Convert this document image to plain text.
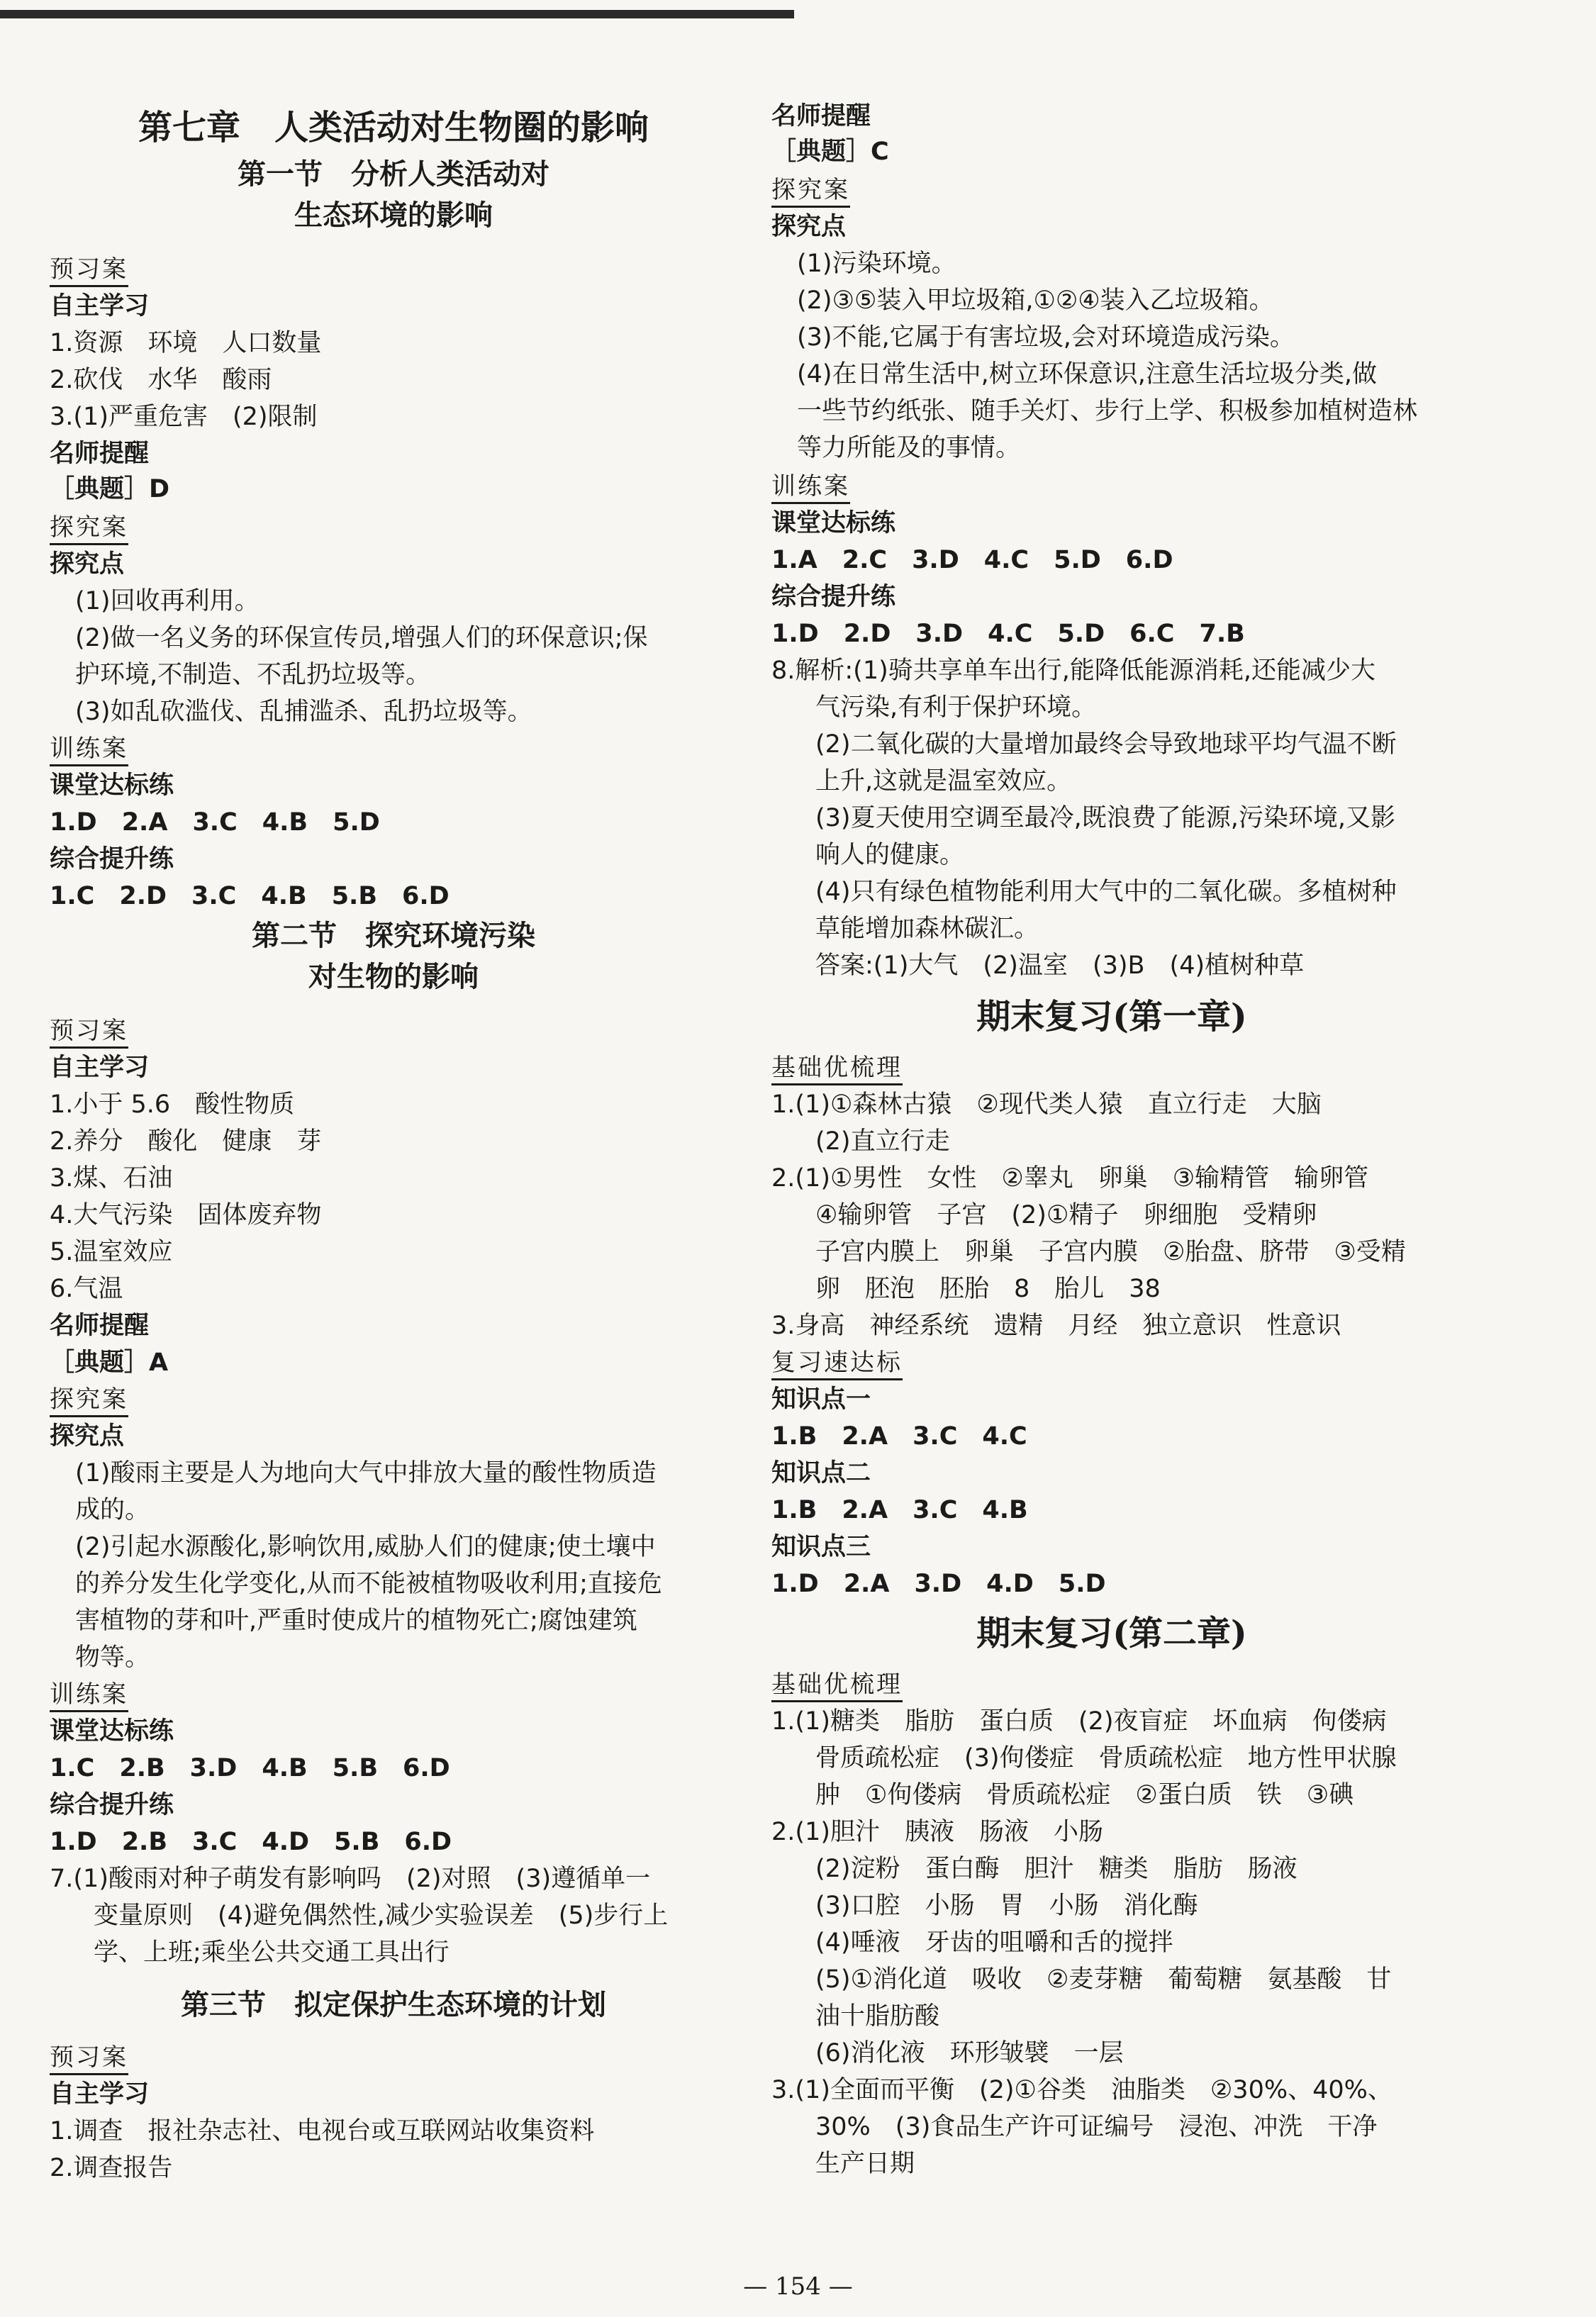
第七章　人类活动对生物圈的影响
第一节　分析人类活动对
生态环境的影响
预习案
自主学习
1.资源　环境　人口数量
2.砍伐　水华　酸雨
3.(1)严重危害　(2)限制
名师提醒
［典题］D
探究案
探究点
(1)回收再利用。
(2)做一名义务的环保宣传员,增强人们的环保意识;保
护环境,不制造、不乱扔垃圾等。
(3)如乱砍滥伐、乱捕滥杀、乱扔垃圾等。
训练案
课堂达标练
1.D　2.A　3.C　4.B　5.D
综合提升练
1.C　2.D　3.C　4.B　5.B　6.D
第二节　探究环境污染
对生物的影响
预习案
自主学习
1.小于 5.6　酸性物质
2.养分　酸化　健康　芽
3.煤、石油
4.大气污染　固体废弃物
5.温室效应
6.气温
名师提醒
［典题］A
探究案
探究点
(1)酸雨主要是人为地向大气中排放大量的酸性物质造
成的。
(2)引起水源酸化,影响饮用,威胁人们的健康;使土壤中
的养分发生化学变化,从而不能被植物吸收利用;直接危
害植物的芽和叶,严重时使成片的植物死亡;腐蚀建筑
物等。
训练案
课堂达标练
1.C　2.B　3.D　4.B　5.B　6.D
综合提升练
1.D　2.B　3.C　4.D　5.B　6.D
7.(1)酸雨对种子萌发有影响吗　(2)对照　(3)遵循单一
变量原则　(4)避免偶然性,减少实验误差　(5)步行上
学、上班;乘坐公共交通工具出行
第三节　拟定保护生态环境的计划
预习案
自主学习
1.调查　报社杂志社、电视台或互联网站收集资料
2.调查报告
名师提醒
［典题］C
探究案
探究点
(1)污染环境。
(2)③⑤装入甲垃圾箱,①②④装入乙垃圾箱。
(3)不能,它属于有害垃圾,会对环境造成污染。
(4)在日常生活中,树立环保意识,注意生活垃圾分类,做
一些节约纸张、随手关灯、步行上学、积极参加植树造林
等力所能及的事情。
训练案
课堂达标练
1.A　2.C　3.D　4.C　5.D　6.D
综合提升练
1.D　2.D　3.D　4.C　5.D　6.C　7.B
8.解析:(1)骑共享单车出行,能降低能源消耗,还能减少大
气污染,有利于保护环境。
(2)二氧化碳的大量增加最终会导致地球平均气温不断
上升,这就是温室效应。
(3)夏天使用空调至最冷,既浪费了能源,污染环境,又影
响人的健康。
(4)只有绿色植物能利用大气中的二氧化碳。多植树种
草能增加森林碳汇。
答案:(1)大气　(2)温室　(3)B　(4)植树种草
期末复习(第一章)
基础优梳理
1.(1)①森林古猿　②现代类人猿　直立行走　大脑
(2)直立行走
2.(1)①男性　女性　②睾丸　卵巢　③输精管　输卵管
④输卵管　子宫　(2)①精子　卵细胞　受精卵
子宫内膜上　卵巢　子宫内膜　②胎盘、脐带　③受精
卵　胚泡　胚胎　8　胎儿　38
3.身高　神经系统　遗精　月经　独立意识　性意识
复习速达标
知识点一
1.B　2.A　3.C　4.C
知识点二
1.B　2.A　3.C　4.B
知识点三
1.D　2.A　3.D　4.D　5.D
期末复习(第二章)
基础优梳理
1.(1)糖类　脂肪　蛋白质　(2)夜盲症　坏血病　佝偻病
骨质疏松症　(3)佝偻症　骨质疏松症　地方性甲状腺
肿　①佝偻病　骨质疏松症　②蛋白质　铁　③碘
2.(1)胆汁　胰液　肠液　小肠
(2)淀粉　蛋白酶　胆汁　糖类　脂肪　肠液
(3)口腔　小肠　胃　小肠　消化酶
(4)唾液　牙齿的咀嚼和舌的搅拌
(5)①消化道　吸收　②麦芽糖　葡萄糖　氨基酸　甘
油十脂肪酸
(6)消化液　环形皱襞　一层
3.(1)全面而平衡　(2)①谷类　油脂类　②30%、40%、
30%　(3)食品生产许可证编号　浸泡、冲洗　干净
生产日期
— 154 —
